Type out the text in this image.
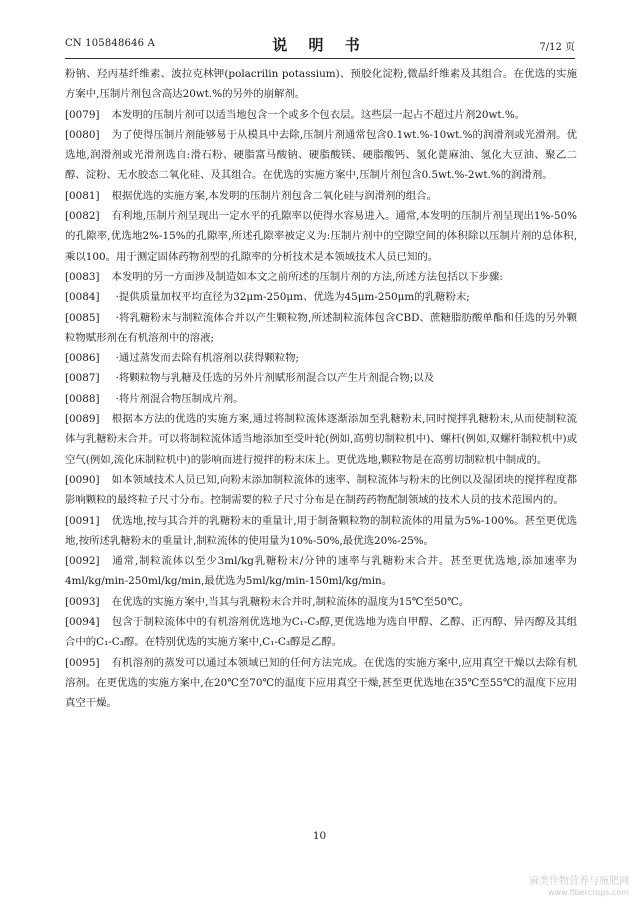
CN 105848646 A	说 明 书	7/12 页

粉钠、羟丙基纤维素、波拉克林钾(polacrilin potassium)、预胶化淀粉,微晶纤维素及其组合。在优选的实施方案中,压制片剂包含高达20wt.%的另外的崩解剂。

[0079] 本发明的压制片剂可以适当地包含一个或多个包衣层。这些层一起占不超过片剂20wt.%。

[0080] 为了使得压制片剂能够易于从模具中去除,压制片剂通常包含0.1wt.%-10wt.%的润滑剂或光滑剂。优选地,润滑剂或光滑剂选自:滑石粉、硬脂富马酸钠、硬脂酸镁、硬脂酸钙、氢化蓖麻油、氢化大豆油、聚乙二醇、淀粉、无水胶态二氧化硅、及其组合。在优选的实施方案中,压制片剂包含0.5wt.%-2wt.%的润滑剂。

[0081] 根据优选的实施方案,本发明的压制片剂包含二氧化硅与润滑剂的组合。

[0082] 有利地,压制片剂呈现出一定水平的孔隙率以使得水容易进入。通常,本发明的压制片剂呈现出1%-50%的孔隙率,优选地2%-15%的孔隙率,所述孔隙率被定义为:压制片剂中的空隙空间的体积除以压制片剂的总体积,乘以100。用于测定固体药物剂型的孔隙率的分析技术是本领域技术人员已知的。

[0083] 本发明的另一方面涉及制造如本文之前所述的压制片剂的方法,所述方法包括以下步骤:

[0084] ·提供质量加权平均直径为32μm-250μm、优选为45μm-250μm的乳糖粉末;

[0085] ·将乳糖粉末与制粒流体合并以产生颗粒物,所述制粒流体包含CBD、蔗糖脂肪酸单酯和任选的另外颗粒物赋形剂在有机溶剂中的溶液;

[0086] ·通过蒸发而去除有机溶剂以获得颗粒物;

[0087] ·将颗粒物与乳糖及任选的另外片剂赋形剂混合以产生片剂混合物;以及

[0088] ·将片剂混合物压制成片剂。

[0089] 根据本方法的优选的实施方案,通过将制粒流体逐渐添加至乳糖粉末,同时搅拌乳糖粉末,从而使制粒流体与乳糖粉末合并。可以将制粒流体适当地添加至受叶轮(例如,高剪切制粒机中)、螺杆(例如,双螺杆制粒机中)或空气(例如,流化床制粒机中)的影响而进行搅拌的粉末床上。更优选地,颗粒物是在高剪切制粒机中制成的。

[0090] 如本领域技术人员已知,向粉末添加制粒流体的速率、制粒流体与粉末的比例以及湿团块的搅拌程度都影响颗粒的最终粒子尺寸分布。控制需要的粒子尺寸分布是在制药药物配制领域的技术人员的技术范围内的。

[0091] 优选地,按与其合并的乳糖粉末的重量计,用于制备颗粒物的制粒流体的用量为5%-100%。甚至更优选地,按所述乳糖粉末的重量计,制粒流体的使用量为10%-50%,最优选20%-25%。

[0092] 通常,制粒流体以至少3ml/kg乳糖粉末/分钟的速率与乳糖粉末合并。甚至更优选地,添加速率为4ml/kg/min-250ml/kg/min,最优选为5ml/kg/min-150ml/kg/min。

[0093] 在优选的实施方案中,当其与乳糖粉末合并时,制粒流体的温度为15℃至50℃。

[0094] 包含于制粒流体中的有机溶剂优选地为C₁-C₃醇,更优选地为选自甲醇、乙醇、正丙醇、异丙醇及其组合中的C₁-C₃醇。在特别优选的实施方案中,C₁-C₃醇是乙醇。

[0095] 有机溶剂的蒸发可以通过本领域已知的任何方法完成。在优选的实施方案中,应用真空干燥以去除有机溶剂。在更优选的实施方案中,在20℃至70℃的温度下应用真空干燥,甚至更优选地在35℃至55℃的温度下应用真空干燥。

10
麻类作物营养与施肥网
www.fibercrops.com
